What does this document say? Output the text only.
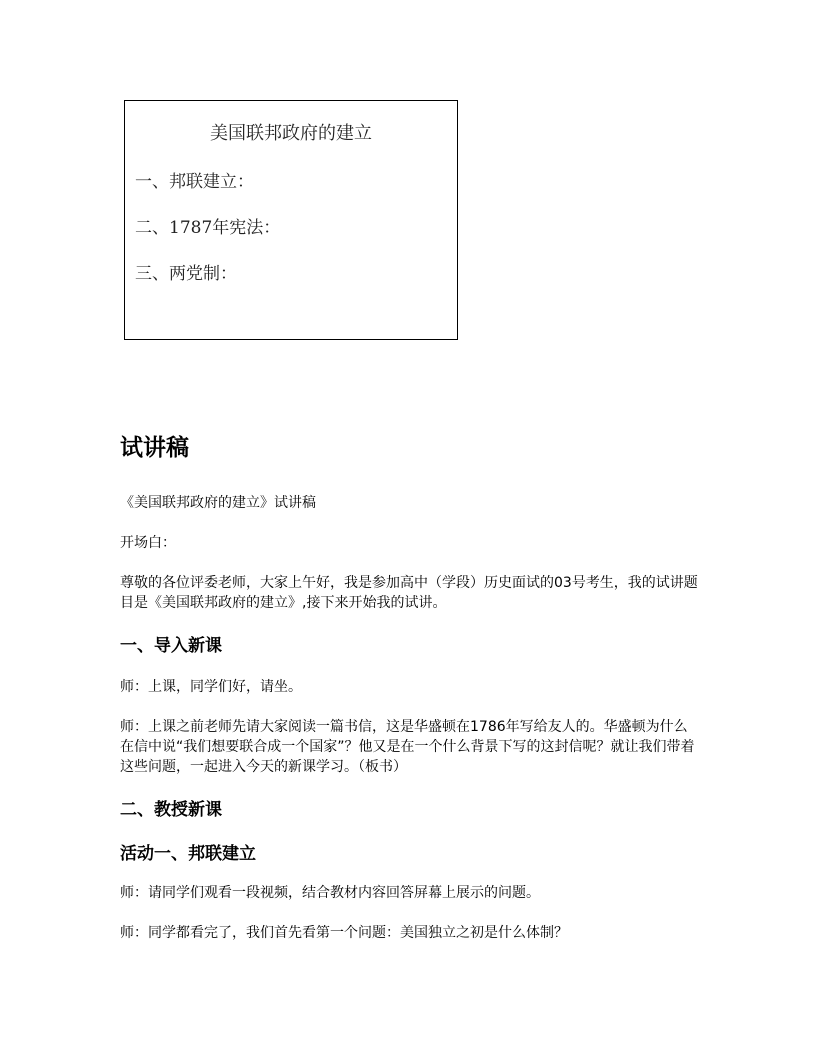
美国联邦政府的建立
一、邦联建立：
二、1787年宪法：
三、两党制：
试讲稿

《美国联邦政府的建立》试讲稿

开场白：

尊敬的各位评委老师，大家上午好，我是参加高中（学段）历史面试的03号考生，我的试讲题目是《美国联邦政府的建立》,接下来开始我的试讲。

一、导入新课

师：上课，同学们好，请坐。

师：上课之前老师先请大家阅读一篇书信，这是华盛顿在1786年写给友人的。华盛顿为什么在信中说“我们想要联合成一个国家”？他又是在一个什么背景下写的这封信呢？就让我们带着这些问题，一起进入今天的新课学习。（板书）

二、教授新课
活动一、邦联建立

师：请同学们观看一段视频，结合教材内容回答屏幕上展示的问题。

师：同学都看完了，我们首先看第一个问题：美国独立之初是什么体制？
